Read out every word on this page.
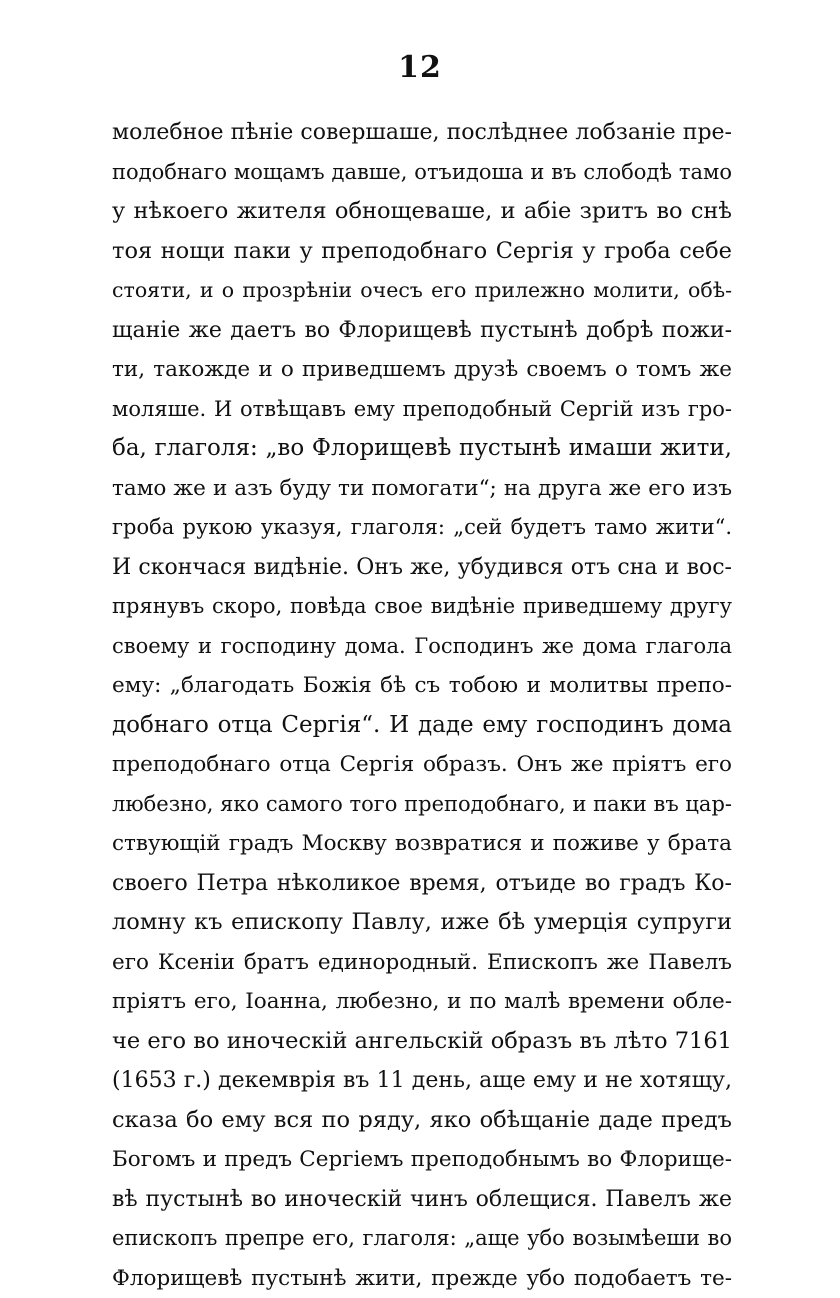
12
молебное пѣніе совершаше, послѣднее лобзаніе пре-
подобнаго мощамъ давше, отъидоша и въ слободѣ тамо
у нѣкоего жителя обнощеваше, и абіе зритъ во снѣ
тоя нощи паки у преподобнаго Сергія у гроба себе
стояти, и о прозрѣніи очесъ его прилежно молити, обѣ-
щаніе же даетъ во Флорищевѣ пустынѣ добрѣ пожи-
ти, такожде и о приведшемъ друзѣ своемъ о томъ же
моляше. И отвѣщавъ ему преподобный Сергій изъ гро-
ба, глаголя: „во Флорищевѣ пустынѣ имаши жити,
тамо же и азъ буду ти помогати“; на друга же его изъ
гроба рукою указуя, глаголя: „сей будетъ тамо жити“.
И скончася видѣніе. Онъ же, убудився отъ сна и вос-
прянувъ скоро, повѣда свое видѣніе приведшему другу
своему и господину дома. Господинъ же дома глагола
ему: „благодать Божія бѣ съ тобою и молитвы препо-
добнаго отца Сергія“. И даде ему господинъ дома
преподобнаго отца Сергія образъ. Онъ же пріятъ его
любезно, яко самого того преподобнаго, и паки въ цар-
ствующій градъ Москву возвратися и поживе у брата
своего Петра нѣколикое время, отъиде во градъ Ко-
ломну къ епископу Павлу, иже бѣ умерція супруги
его Ксеніи братъ единородный. Епископъ же Павелъ
пріятъ его, Іоанна, любезно, и по малѣ времени обле-
че его во иноческій ангельскій образъ въ лѣто 7161
(1653 г.) декемврія въ 11 день, аще ему и не хотящу,
сказа бо ему вся по ряду, яко обѣщаніе даде предъ
Богомъ и предъ Сергіемъ преподобнымъ во Флорище-
вѣ пустынѣ во иноческій чинъ облещися. Павелъ же
епископъ препре его, глаголя: „аще убо возымѣеши во
Флорищевѣ пустынѣ жити, прежде убо подобаетъ те-
